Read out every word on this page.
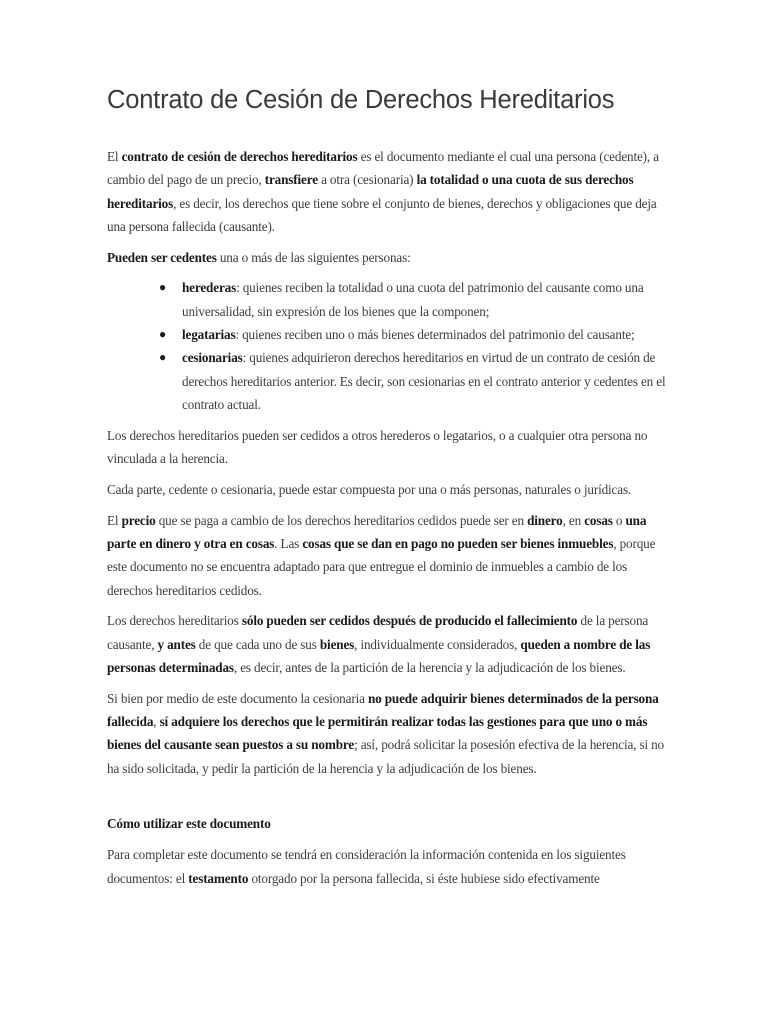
Contrato de Cesión de Derechos Hereditarios

El contrato de cesión de derechos hereditarios es el documento mediante el cual una persona (cedente), a cambio del pago de un precio, transfiere a otra (cesionaria) la totalidad o una cuota de sus derechos hereditarios, es decir, los derechos que tiene sobre el conjunto de bienes, derechos y obligaciones que deja una persona fallecida (causante).

Pueden ser cedentes una o más de las siguientes personas:

● herederas: quienes reciben la totalidad o una cuota del patrimonio del causante como una universalidad, sin expresión de los bienes que la componen;
● legatarias: quienes reciben uno o más bienes determinados del patrimonio del causante;
● cesionarias: quienes adquirieron derechos hereditarios en virtud de un contrato de cesión de derechos hereditarios anterior. Es decir, son cesionarias en el contrato anterior y cedentes en el contrato actual.

Los derechos hereditarios pueden ser cedidos a otros herederos o legatarios, o a cualquier otra persona no vinculada a la herencia.

Cada parte, cedente o cesionaria, puede estar compuesta por una o más personas, naturales o jurídicas.

El precio que se paga a cambio de los derechos hereditarios cedidos puede ser en dinero, en cosas o una parte en dinero y otra en cosas. Las cosas que se dan en pago no pueden ser bienes inmuebles, porque este documento no se encuentra adaptado para que entregue el dominio de inmuebles a cambio de los derechos hereditarios cedidos.

Los derechos hereditarios sólo pueden ser cedidos después de producido el fallecimiento de la persona causante, y antes de que cada uno de sus bienes, individualmente considerados, queden a nombre de las personas determinadas, es decir, antes de la partición de la herencia y la adjudicación de los bienes.

Si bien por medio de este documento la cesionaria no puede adquirir bienes determinados de la persona fallecida, sí adquiere los derechos que le permitirán realizar todas las gestiones para que uno o más bienes del causante sean puestos a su nombre; así, podrá solicitar la posesión efectiva de la herencia, si no ha sido solicitada, y pedir la partición de la herencia y la adjudicación de los bienes.

Cómo utilizar este documento

Para completar este documento se tendrá en consideración la información contenida en los siguientes documentos: el testamento otorgado por la persona fallecida, si éste hubiese sido efectivamente
